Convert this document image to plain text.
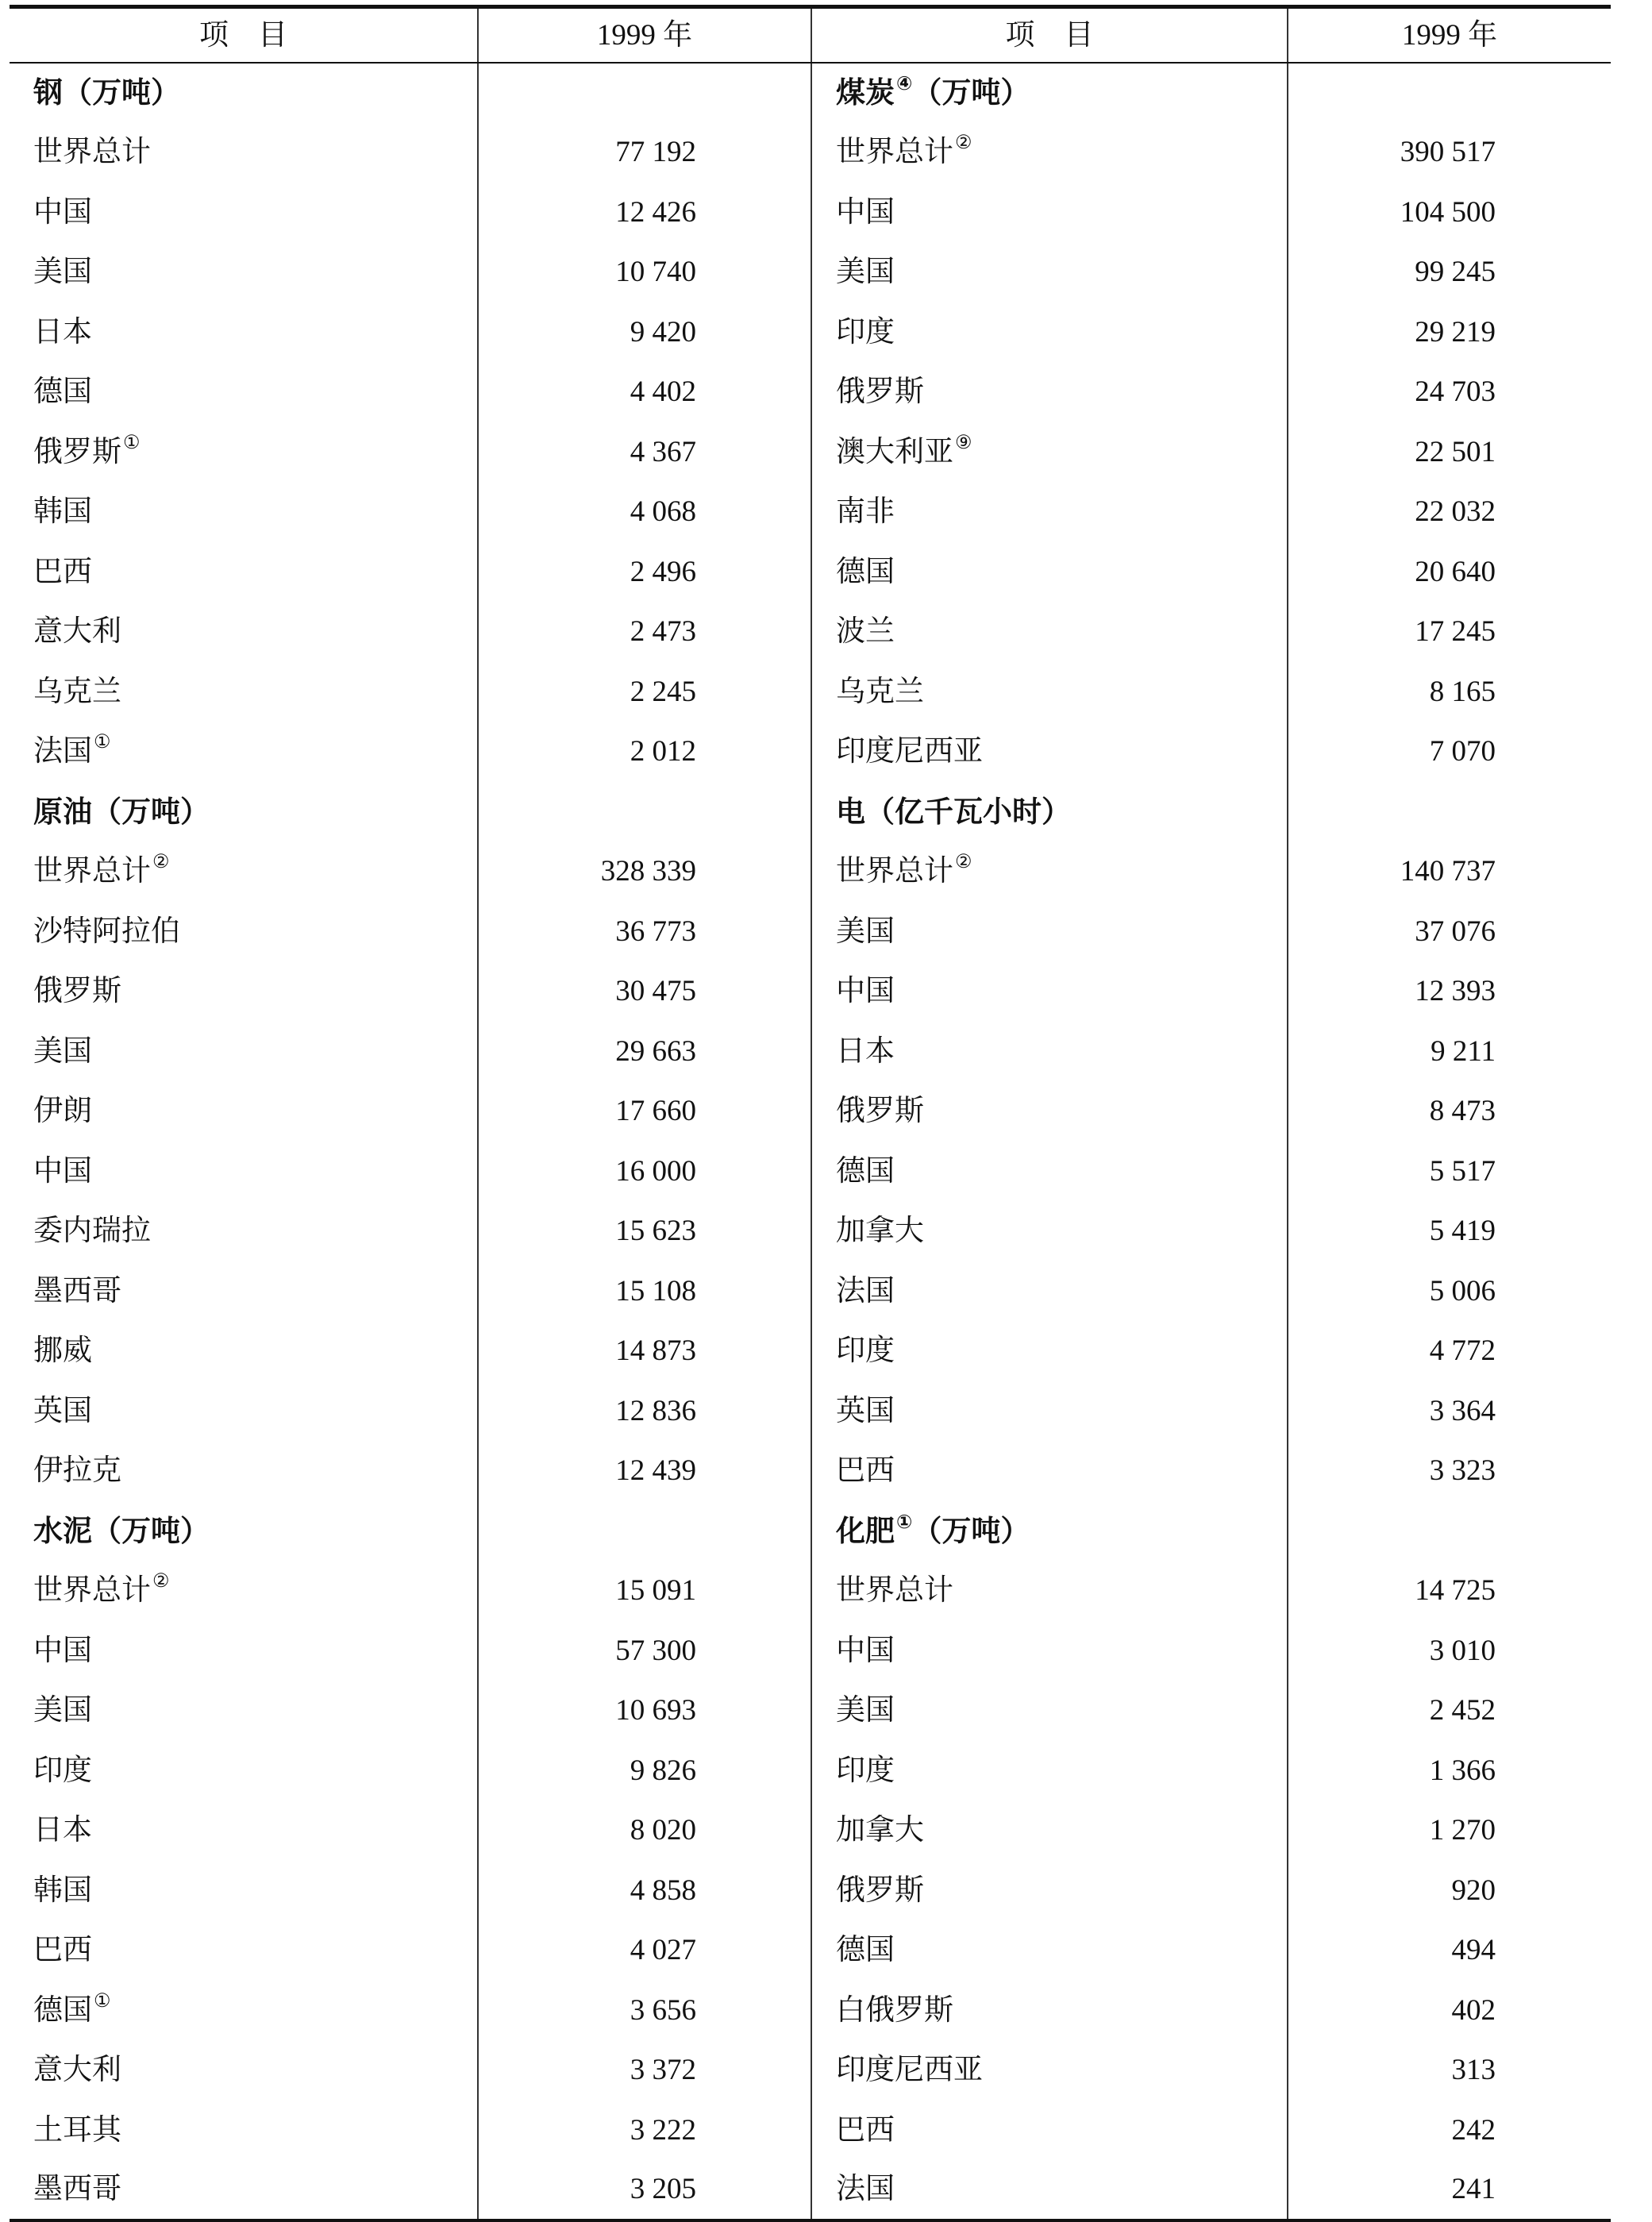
项　目	1999 年	项　目	1999 年
钢（万吨）		煤炭④（万吨）	
世界总计	77 192	世界总计②	390 517
中国	12 426	中国	104 500
美国	10 740	美国	99 245
日本	9 420	印度	29 219
德国	4 402	俄罗斯	24 703
俄罗斯①	4 367	澳大利亚⑨	22 501
韩国	4 068	南非	22 032
巴西	2 496	德国	20 640
意大利	2 473	波兰	17 245
乌克兰	2 245	乌克兰	8 165
法国①	2 012	印度尼西亚	7 070
原油（万吨）		电（亿千瓦小时）	
世界总计②	328 339	世界总计②	140 737
沙特阿拉伯	36 773	美国	37 076
俄罗斯	30 475	中国	12 393
美国	29 663	日本	9 211
伊朗	17 660	俄罗斯	8 473
中国	16 000	德国	5 517
委内瑞拉	15 623	加拿大	5 419
墨西哥	15 108	法国	5 006
挪威	14 873	印度	4 772
英国	12 836	英国	3 364
伊拉克	12 439	巴西	3 323
水泥（万吨）		化肥①（万吨）	
世界总计②	15 091	世界总计	14 725
中国	57 300	中国	3 010
美国	10 693	美国	2 452
印度	9 826	印度	1 366
日本	8 020	加拿大	1 270
韩国	4 858	俄罗斯	920
巴西	4 027	德国	494
德国①	3 656	白俄罗斯	402
意大利	3 372	印度尼西亚	313
土耳其	3 222	巴西	242
墨西哥	3 205	法国	241
